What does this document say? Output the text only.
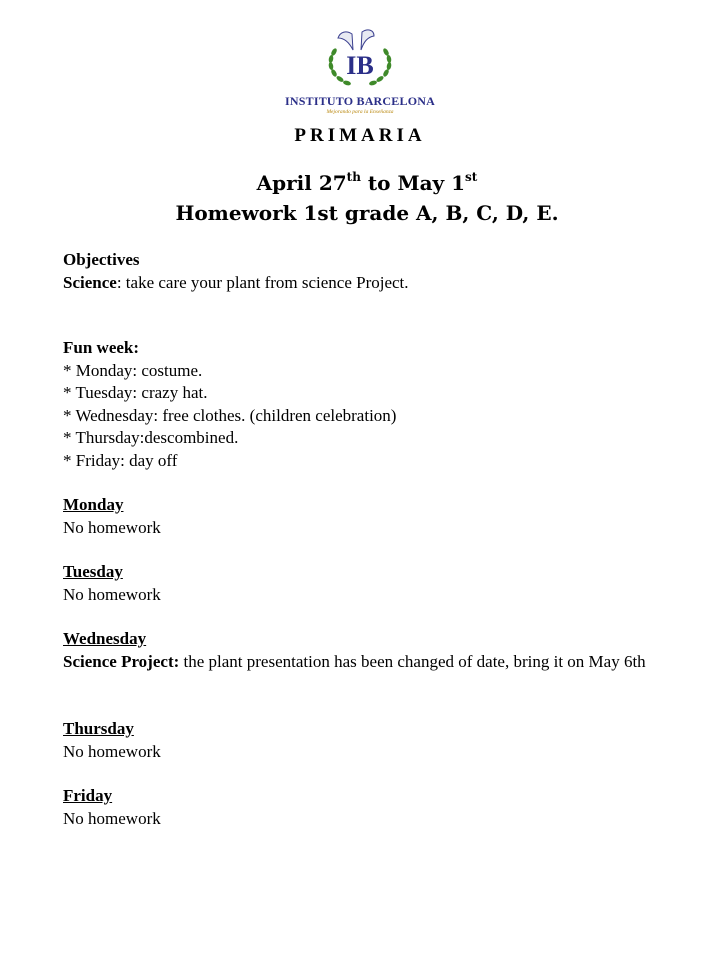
IB
INSTITUTO BARCELONA
Mejorando para la Enseñanza
PRIMARIA
April 27th to May 1st
Homework 1st grade A, B, C, D, E.
Objectives
Science: take care your plant from science Project.
Fun week:
* Monday: costume.
* Tuesday: crazy hat.
* Wednesday: free clothes. (children celebration)
* Thursday:descombined.
* Friday: day off
Monday
No homework
Tuesday
No homework
Wednesday
Science Project: the plant presentation has been changed of date, bring it on May 6th
Thursday
No homework
Friday
No homework
